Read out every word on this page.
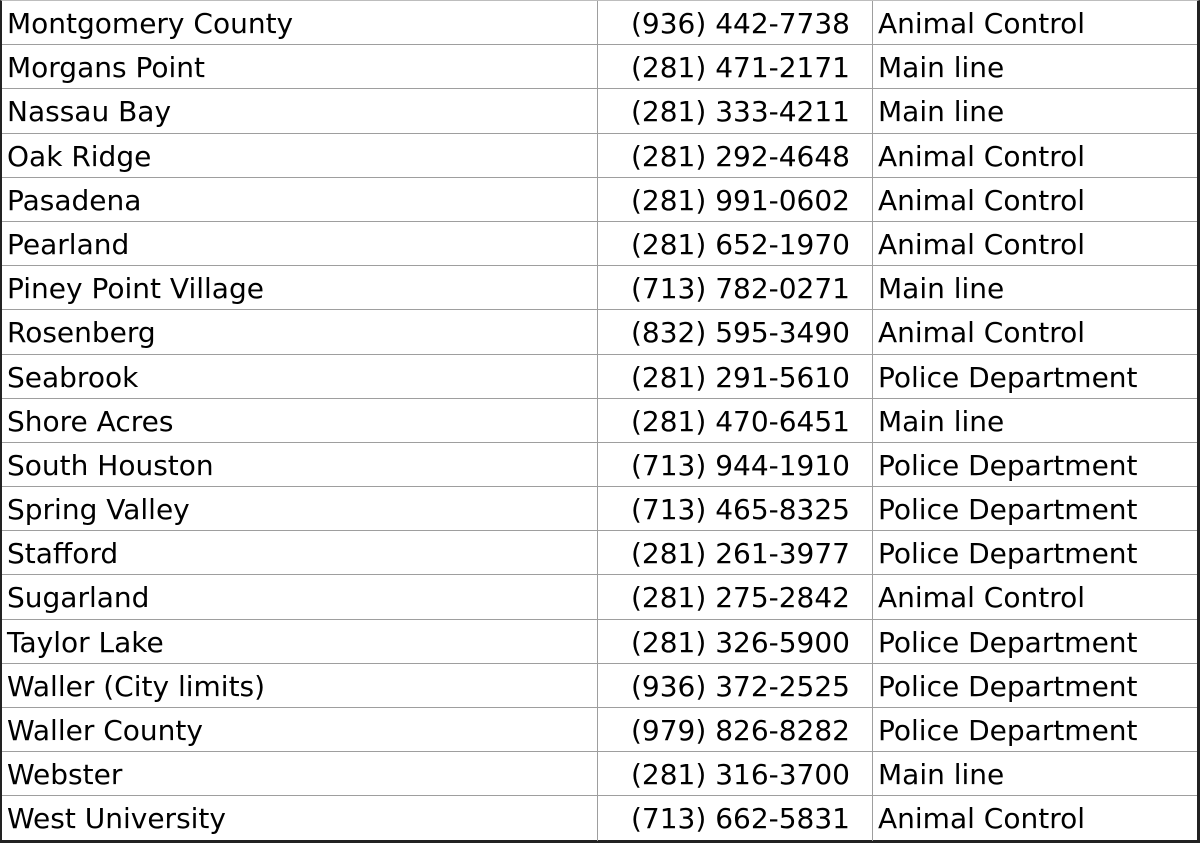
Montgomery County	(936) 442-7738	Animal Control
Morgans Point	(281) 471-2171	Main line
Nassau Bay	(281) 333-4211	Main line
Oak Ridge	(281) 292-4648	Animal Control
Pasadena	(281) 991-0602	Animal Control
Pearland	(281) 652-1970	Animal Control
Piney Point Village	(713) 782-0271	Main line
Rosenberg	(832) 595-3490	Animal Control
Seabrook	(281) 291-5610	Police Department
Shore Acres	(281) 470-6451	Main line
South Houston	(713) 944-1910	Police Department
Spring Valley	(713) 465-8325	Police Department
Stafford	(281) 261-3977	Police Department
Sugarland	(281) 275-2842	Animal Control
Taylor Lake	(281) 326-5900	Police Department
Waller (City limits)	(936) 372-2525	Police Department
Waller County	(979) 826-8282	Police Department
Webster	(281) 316-3700	Main line
West University	(713) 662-5831	Animal Control
